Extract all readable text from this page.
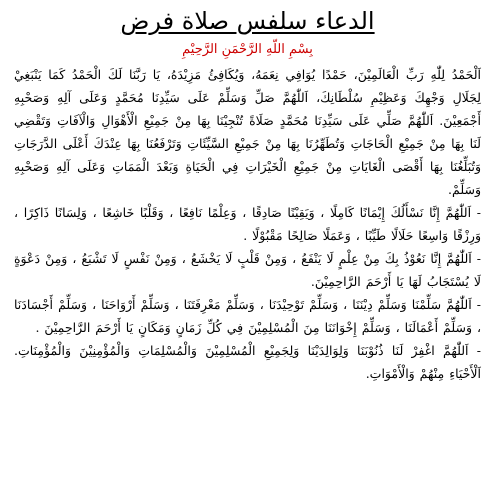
الدعاء سلفس صلاة فرض
بِسْمِ اللّهِ الرَّحْمَنِ الرَّحِيْمِ

اَلْحَمْدُ لِلّٰهِ رَبِّ الْعَالَمِيْنَ، حَمْدًا يُوَافِي نِعَمَهُ، وَيُكَافِئُ مَزِيْدَهُ، يَا رَبَّنَا لَكَ الْحَمْدُ كَمَا يَنْبَغِيْ لِجَلَالِ وَجْهِكَ وَعَظِيْمِ سُلْطَانِكَ، اَللّٰهُمَّ صَلِّ وَسَلِّمْ عَلَى سَيِّدِنَا مُحَمَّدٍ وَعَلَى آلِهِ وَصَحْبِهِ أَجْمَعِيْنَ. اَللّٰهُمَّ صَلِّي عَلَى سَيِّدِنَا مُحَمَّدٍ صَلَاةً تُنْجِيْنَا بِهَا مِنْ جَمِيْعِ الْأَهْوَالِ وَالْآفَاتِ وَتَقْضِي لَنَا بِهَا مِنْ جَمِيْعِ الْحَاجَاتِ وَتُطَهِّرُنَا بِهَا مِنْ جَمِيْعِ السَّيِّئَاتِ وَتَرْفَعُنَا بِهَا عِنْدَكَ أَعْلَى الدَّرَجَاتِ وَتُبَلِّغُنَا بِهَا أَقْصَى الْغَايَاتِ مِنْ جَمِيْعِ الْخَيْرَاتِ فِي الْحَيَاةِ وَبَعْدَ الْمَمَاتِ وَعَلَى آلِهِ وَصَحْبِهِ وَسَلِّمْ.

- اَللّٰهُمَّ إِنَّا نَسْأَلُكَ إِيْمَانًا كَامِلًا ، وَيَقِيْنًا صَادِقًا ، وَعِلْمًا نَافِعًا ، وَقَلْبًا خَاشِعًا ، وَلِسَانًا ذَاكِرًا ، وَرِزْقًا وَاسِعًا حَلَالًا طَيِّبًا ، وَعَمَلًا صَالِحًا مَقْبُوْلًا .

- اَللّٰهُمَّ إِنَّا نَعُوْذُ بِكَ مِنْ عِلْمٍ لَا يَنْفَعُ ، وَمِنْ قَلْبٍ لَا يَخْشَعُ ، وَمِنْ نَفْسٍ لَا تَشْبَعُ ، وَمِنْ دَعْوَةٍ لَا يُسْتَجَابُ لَهَا يَا أَرْحَمَ الرَّاحِمِيْنَ.

- اَللّٰهُمَّ سَلِّمْنَا وَسَلِّمْ دِيْنَنَا ، وَسَلِّمْ تَوْحِيْدَنَا ، وَسَلِّمْ مَعْرِفَتَنَا ، وَسَلِّمْ أَرْوَاحَنَا ، وَسَلِّمْ أَجْسَادَنَا ، وَسَلِّمْ أَعْمَالَنَا ، وَسَلِّمْ إِخْوَانَنَا مِنَ الْمُسْلِمِيْنَ فِي كُلِّ زَمَانٍ وَمَكَانٍ يَا أَرْحَمَ الرَّاحِمِيْنَ .

- اَللّٰهُمَّ اغْفِرْ لَنَا ذُنُوْبَنَا وَلِوَالِدَيْنَا وَلِجَمِيْعِ الْمُسْلِمِيْنَ وَالْمُسْلِمَاتِ وَالْمُؤْمِنِيْنَ وَالْمُؤْمِنَاتِ. اَلْأَحْيَاءِ مِنْهُمْ وَالْأَمْوَاتِ.
